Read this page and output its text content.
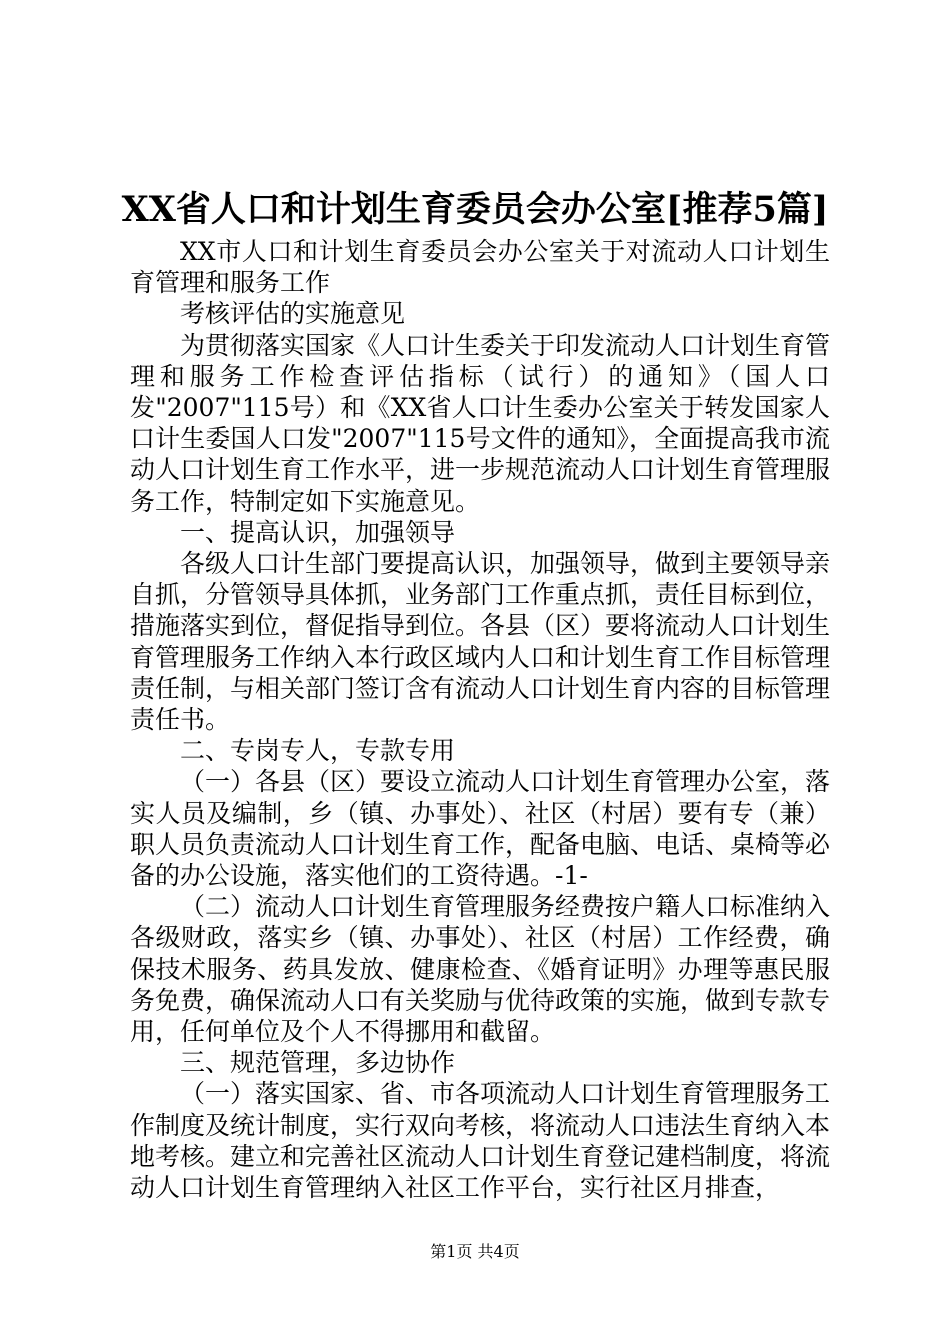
XX省人口和计划生育委员会办公室[推荐5篇]

XX市人口和计划生育委员会办公室关于对流动人口计划生育管理和服务工作

考核评估的实施意见

为贯彻落实国家《人口计生委关于印发流动人口计划生育管理和服务工作检查评估指标（试行）的通知》（国人口发"2007"115号）和《XX省人口计生委办公室关于转发国家人口计生委国人口发"2007"115号文件的通知》，全面提高我市流动人口计划生育工作水平，进一步规范流动人口计划生育管理服务工作，特制定如下实施意见。

一、提高认识，加强领导

各级人口计生部门要提高认识，加强领导，做到主要领导亲自抓，分管领导具体抓，业务部门工作重点抓，责任目标到位，措施落实到位，督促指导到位。各县（区）要将流动人口计划生育管理服务工作纳入本行政区域内人口和计划生育工作目标管理责任制，与相关部门签订含有流动人口计划生育内容的目标管理责任书。

二、专岗专人，专款专用

（一）各县（区）要设立流动人口计划生育管理办公室，落实人员及编制，乡（镇、办事处）、社区（村居）要有专（兼）职人员负责流动人口计划生育工作，配备电脑、电话、桌椅等必备的办公设施，落实他们的工资待遇。-1-

（二）流动人口计划生育管理服务经费按户籍人口标准纳入各级财政，落实乡（镇、办事处）、社区（村居）工作经费，确保技术服务、药具发放、健康检查、《婚育证明》办理等惠民服务免费，确保流动人口有关奖励与优待政策的实施，做到专款专用，任何单位及个人不得挪用和截留。

三、规范管理，多边协作

（一）落实国家、省、市各项流动人口计划生育管理服务工作制度及统计制度，实行双向考核，将流动人口违法生育纳入本地考核。建立和完善社区流动人口计划生育登记建档制度，将流动人口计划生育管理纳入社区工作平台，实行社区月排查，

第1页 共4页
